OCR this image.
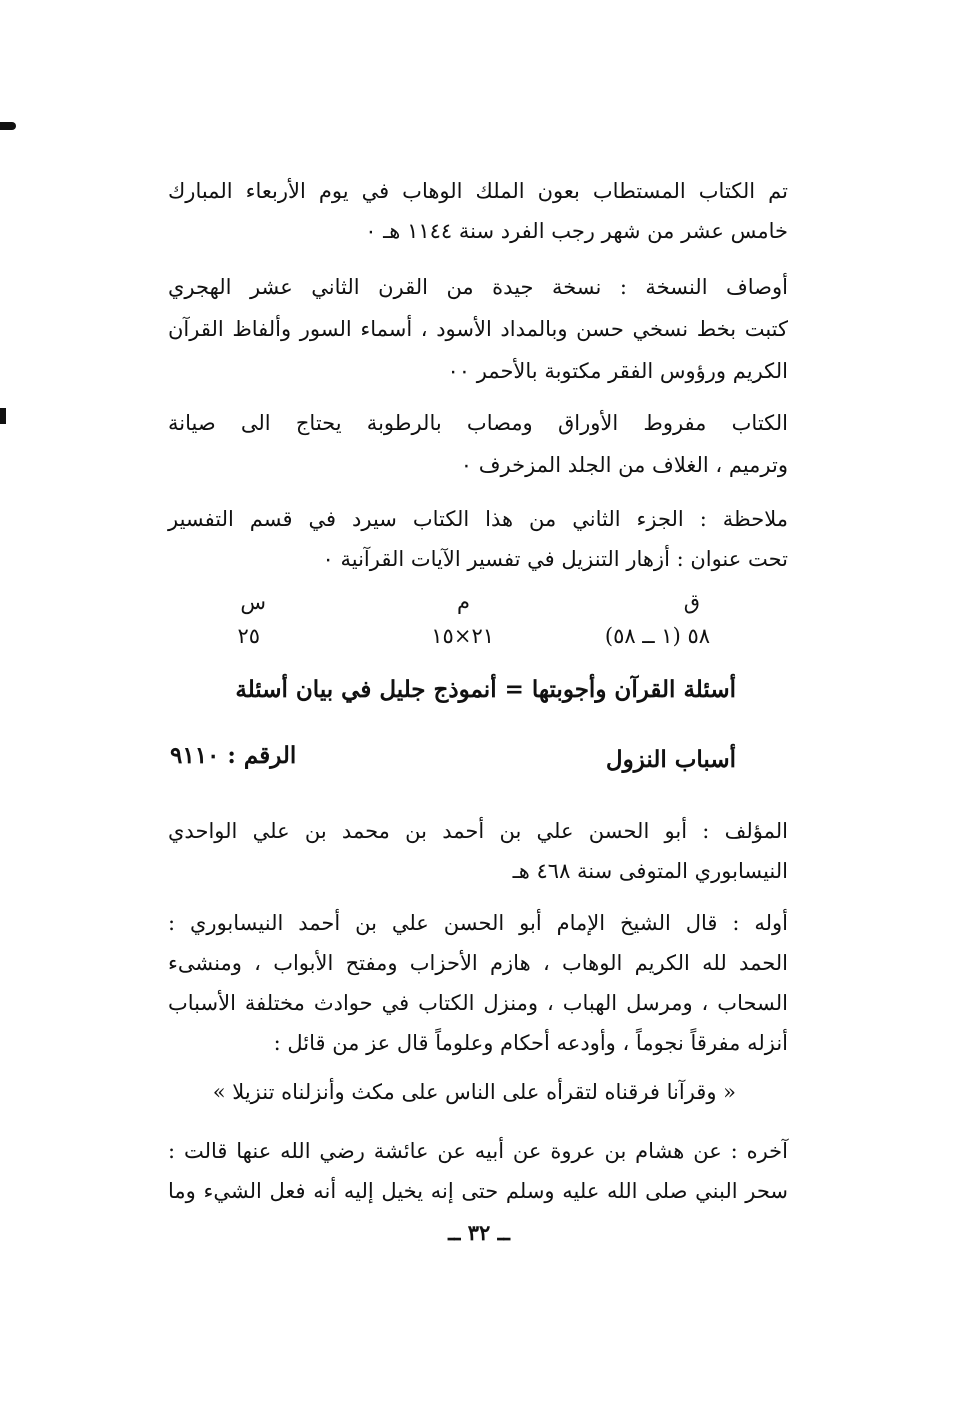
تم الكتاب المستطاب بعون الملك الوهاب في يوم الأربعاء المبارك
خامس عشر من شهر رجب الفرد سنة ١١٤٤ هـ ٠
أوصاف النسخة : نسخة جيدة من القرن الثاني عشر الهجري
كتبت بخط نسخي حسن وبالمداد الأسود ، أسماء السور وألفاظ القرآن
الكريم ورؤوس الفقر مكتوبة بالأحمر ٠٠
الكتاب مفروط الأوراق ومصاب بالرطوبة يحتاج الى صيانة
وترميم ، الغلاف من الجلد المزخرف ٠
ملاحظة : الجزء الثاني من هذا الكتاب سيرد في قسم التفسير
تحت عنوان : أزهار التنزيل في تفسير الآيات القرآنية ٠
ق
م
س
٥٨ (١ ــ ٥٨)
٢١×١٥
٢٥
أسئلة القرآن وأجوبتها = أنموذج جليل في بيان أسئلة
أسباب النزول
الرقم : ٩١١٠
المؤلف : أبو الحسن علي بن أحمد بن محمد بن علي الواحدي
النيسابوري المتوفى سنة ٤٦٨ هـ
أوله : قال الشيخ الإمام أبو الحسن علي بن أحمد النيسابوري :
الحمد لله الكريم الوهاب ، هازم الأحزاب ومفتح الأبواب ، ومنشىء
السحاب ، ومرسل الهباب ، ومنزل الكتاب في حوادث مختلفة الأسباب
أنزله مفرقاً نجوماً ، وأودعه أحكام وعلوماً قال عز من قائل :
« وقرآنا فرقناه لتقرأه على الناس على مكث وأنزلناه تنزيلا »
آخره : عن هشام بن عروة عن أبيه عن عائشة رضي الله عنها قالت :
سحر البني صلى الله عليه وسلم حتى إنه يخيل إليه أنه فعل الشيء وما
ــ ٣٢ ــ
